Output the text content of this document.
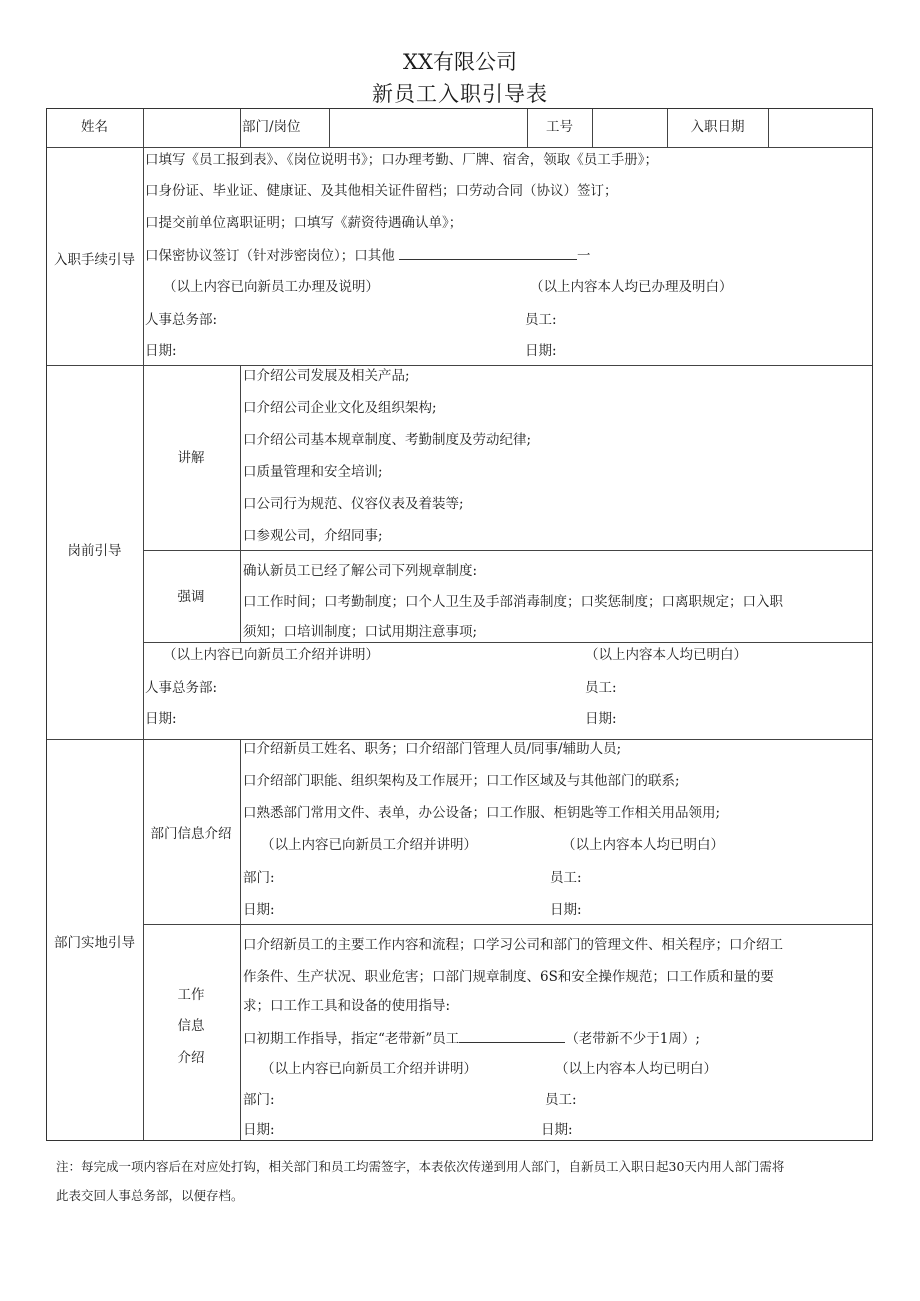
XX有限公司
新员工入职引导表
姓名	部门/岗位	工号	入职日期
入职手续引导
口填写《员工报到表》、《岗位说明书》；口办理考勤、厂牌、宿舍，领取《员工手册》；
口身份证、毕业证、健康证、及其他相关证件留档；口劳动合同（协议）签订；
口提交前单位离职证明；口填写《薪资待遇确认单》；
口保密协议签订（针对涉密岗位）；口其他	一
（以上内容已向新员工办理及说明）	（以上内容本人均已办理及明白）
人事总务部:	员工:
日期:	日期:
岗前引导
讲解
口介绍公司发展及相关产品;
口介绍公司企业文化及组织架构;
口介绍公司基本规章制度、考勤制度及劳动纪律;
口质量管理和安全培训;
口公司行为规范、仪容仪表及着装等;
口参观公司，介绍同事;
强调
确认新员工已经了解公司下列规章制度:
口工作时间；口考勤制度；口个人卫生及手部消毒制度；口奖惩制度；口离职规定；口入职
须知；口培训制度；口试用期注意事项;
（以上内容已向新员工介绍并讲明）	（以上内容本人均已明白）
人事总务部:	员工:
日期:	日期:
部门实地引导
部门信息介绍
口介绍新员工姓名、职务；口介绍部门管理人员/同事/辅助人员;
口介绍部门职能、组织架构及工作展开；口工作区域及与其他部门的联系;
口熟悉部门常用文件、表单，办公设备；口工作服、柜钥匙等工作相关用品领用;
（以上内容已向新员工介绍并讲明）	（以上内容本人均已明白）
部门:	员工:
日期:	日期:
工作
信息
介绍
口介绍新员工的主要工作内容和流程；口学习公司和部门的管理文件、相关程序；口介绍工
作条件、生产状况、职业危害；口部门规章制度、6S和安全操作规范；口工作质和量的要
求；口工作工具和设备的使用指导:
口初期工作指导，指定“老带新”员工	（老带新不少于1周）;
（以上内容已向新员工介绍并讲明）	（以上内容本人均已明白）
部门:	员工:
日期:	日期:
注：每完成一项内容后在对应处打钩，相关部门和员工均需签字，本表依次传递到用人部门，自新员工入职日起30天内用人部门需将
此表交回人事总务部，以便存档。
